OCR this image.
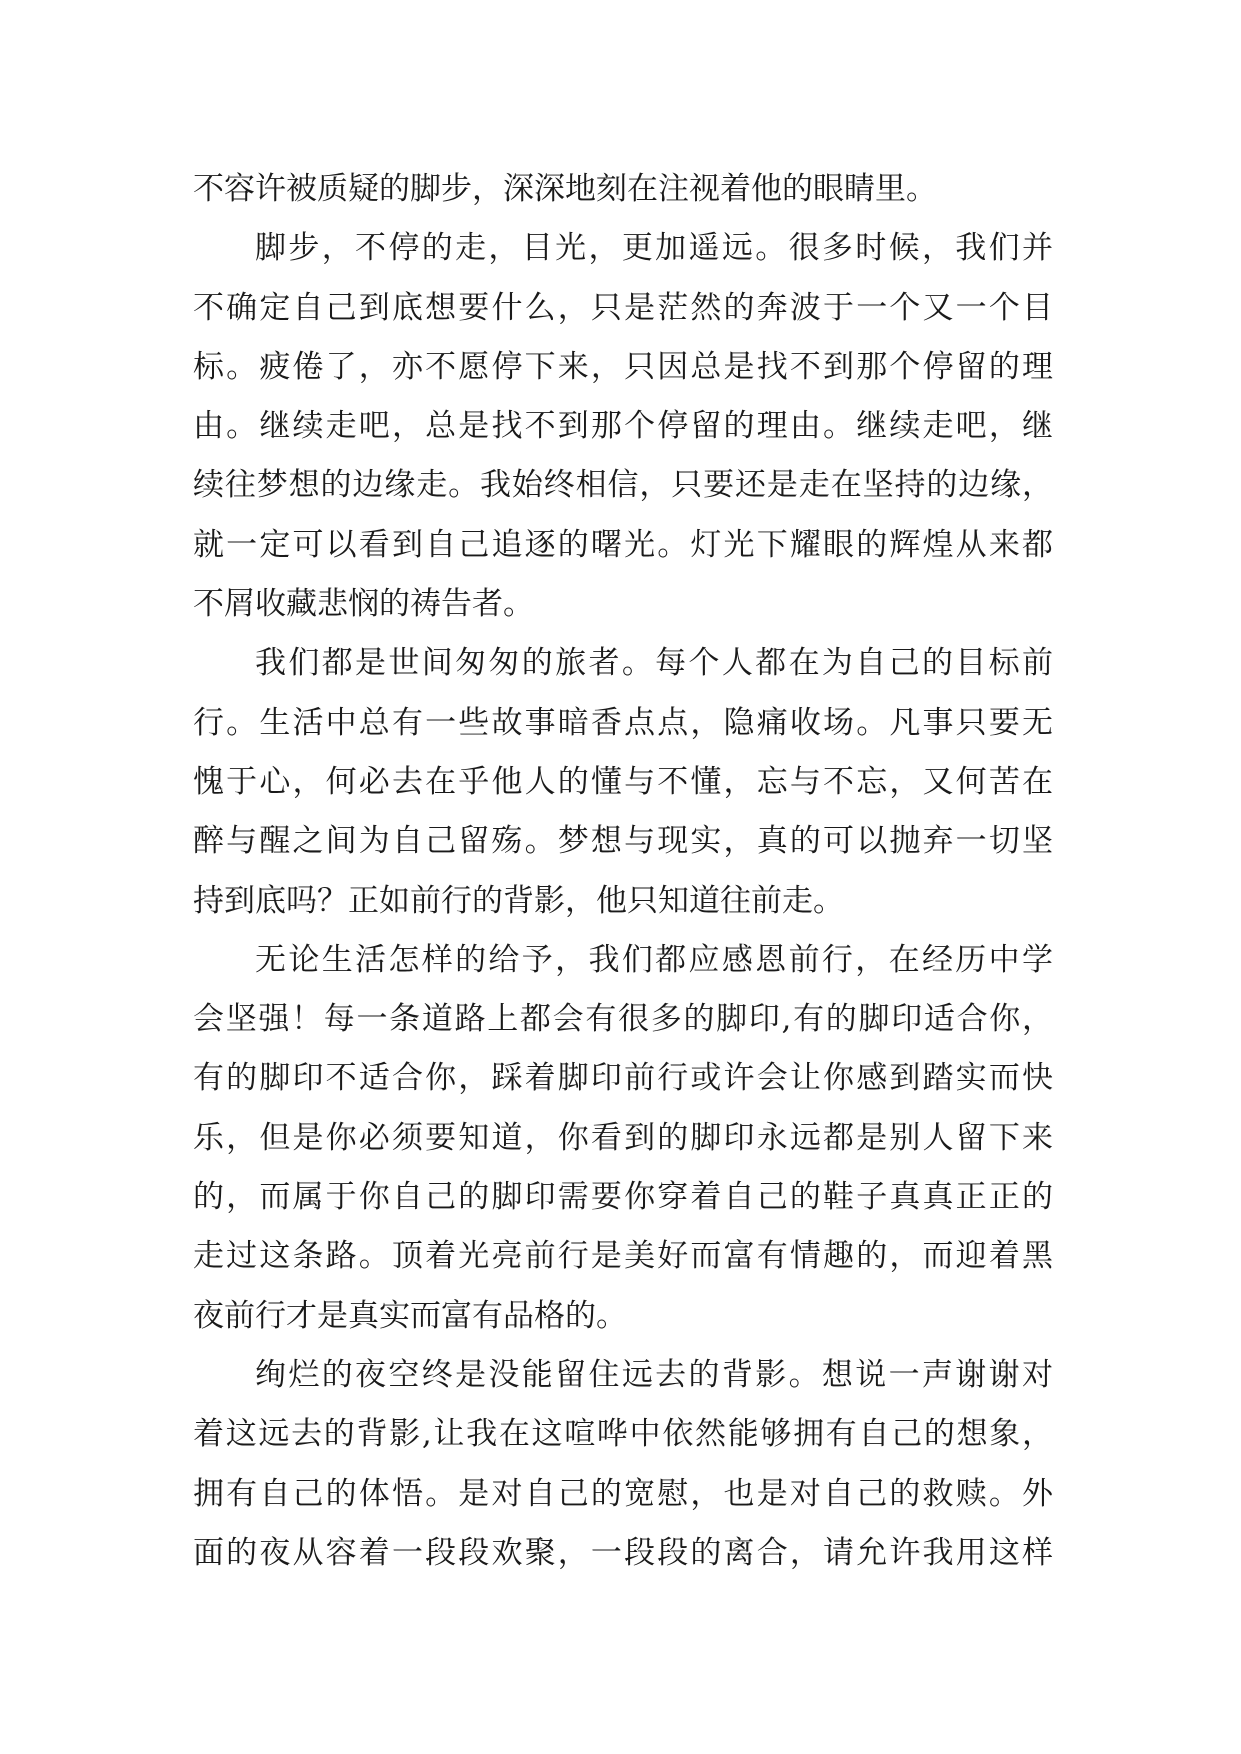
不容许被质疑的脚步，深深地刻在注视着他的眼睛里。
脚步，不停的走，目光，更加遥远。很多时候，我们并
不确定自己到底想要什么，只是茫然的奔波于一个又一个目
标。疲倦了，亦不愿停下来，只因总是找不到那个停留的理
由。继续走吧，总是找不到那个停留的理由。继续走吧，继
续往梦想的边缘走。我始终相信，只要还是走在坚持的边缘，
就一定可以看到自己追逐的曙光。灯光下耀眼的辉煌从来都
不屑收藏悲悯的祷告者。
我们都是世间匆匆的旅者。每个人都在为自己的目标前
行。生活中总有一些故事暗香点点，隐痛收场。凡事只要无
愧于心，何必去在乎他人的懂与不懂，忘与不忘，又何苦在
醉与醒之间为自己留殇。梦想与现实，真的可以抛弃一切坚
持到底吗？正如前行的背影，他只知道往前走。
无论生活怎样的给予，我们都应感恩前行，在经历中学
会坚强！每一条道路上都会有很多的脚印,有的脚印适合你，
有的脚印不适合你，踩着脚印前行或许会让你感到踏实而快
乐，但是你必须要知道，你看到的脚印永远都是别人留下来
的，而属于你自己的脚印需要你穿着自己的鞋子真真正正的
走过这条路。顶着光亮前行是美好而富有情趣的，而迎着黑
夜前行才是真实而富有品格的。
绚烂的夜空终是没能留住远去的背影。想说一声谢谢对
着这远去的背影,让我在这喧哗中依然能够拥有自己的想象，
拥有自己的体悟。是对自己的宽慰，也是对自己的救赎。外
面的夜从容着一段段欢聚，一段段的离合，请允许我用这样
